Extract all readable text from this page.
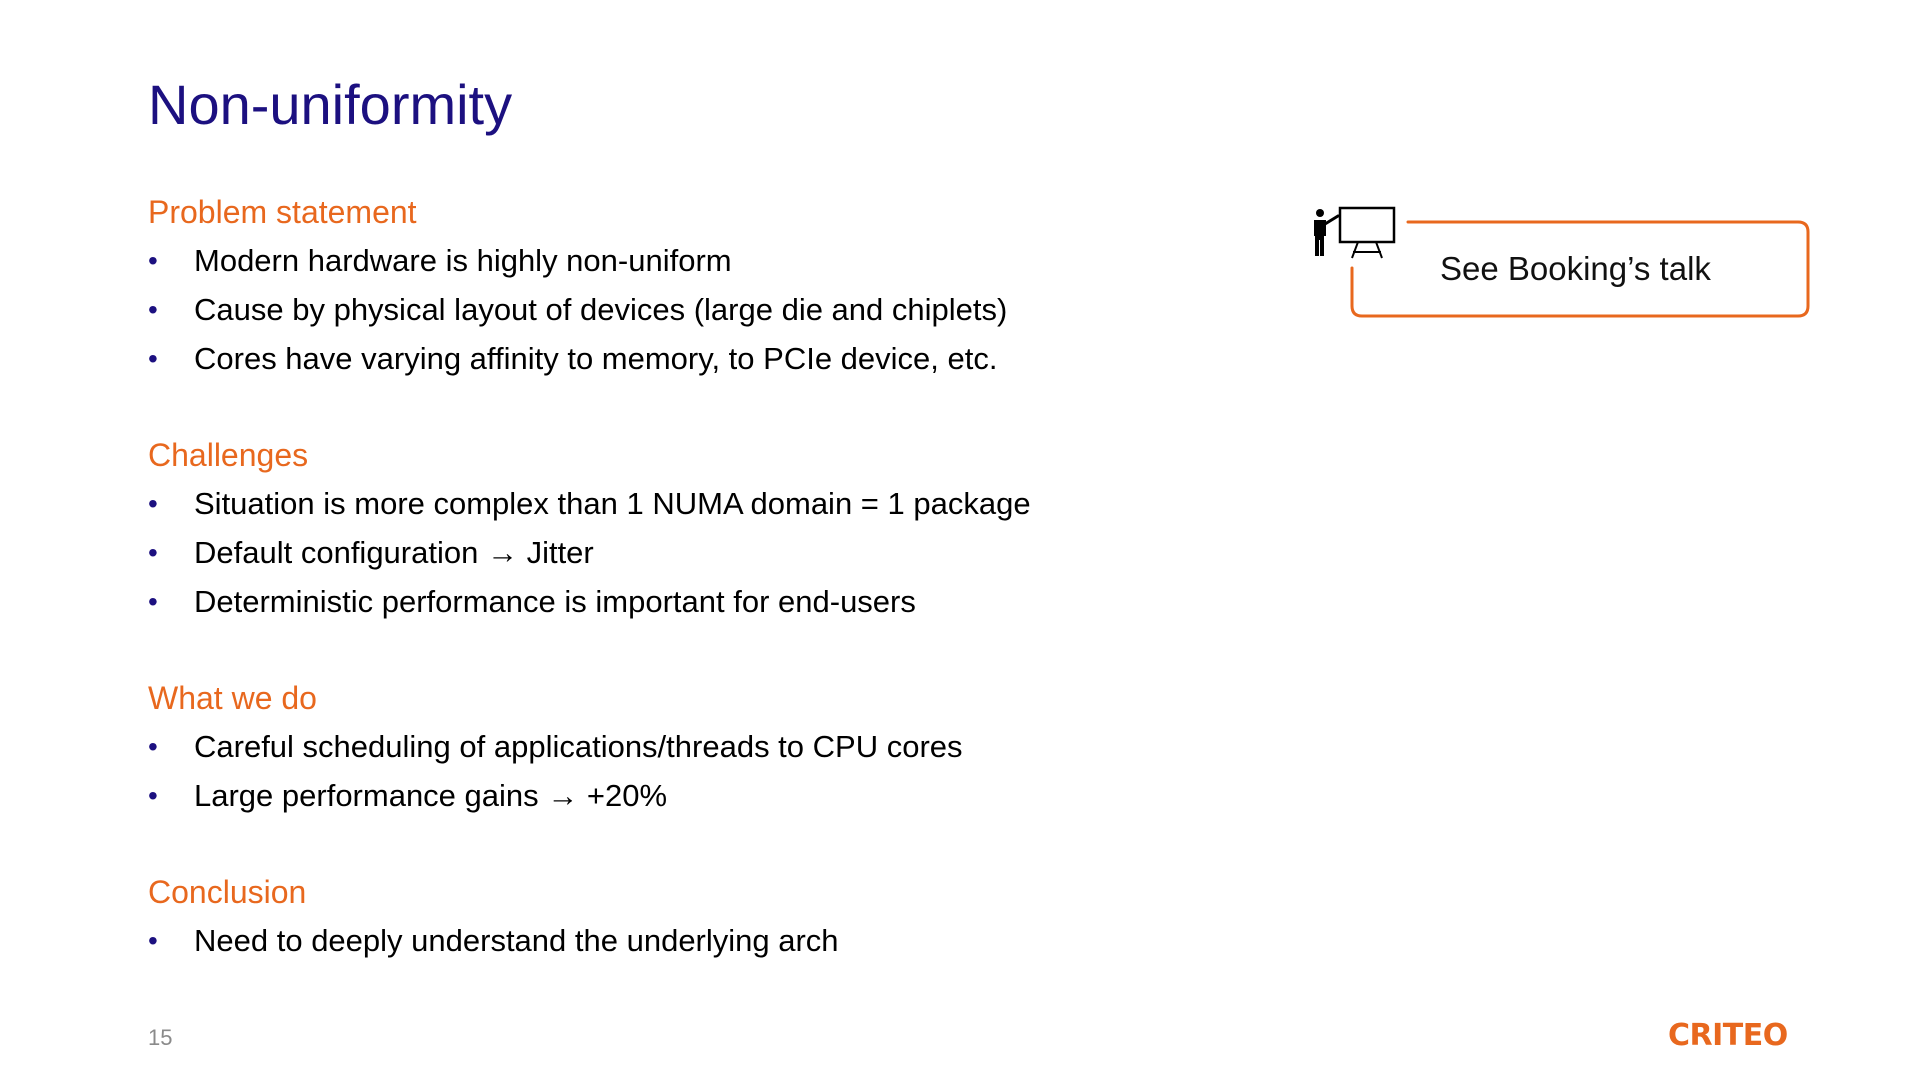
Non-uniformity
Problem statement
• Modern hardware is highly non-uniform
• Cause by physical layout of devices (large die and chiplets)
• Cores have varying affinity to memory, to PCIe device, etc.
Challenges
• Situation is more complex than 1 NUMA domain = 1 package
• Default configuration → Jitter
• Deterministic performance is important for end-users
What we do
• Careful scheduling of applications/threads to CPU cores
• Large performance gains → +20%
Conclusion
• Need to deeply understand the underlying arch
See Booking’s talk
15	CRITEO
